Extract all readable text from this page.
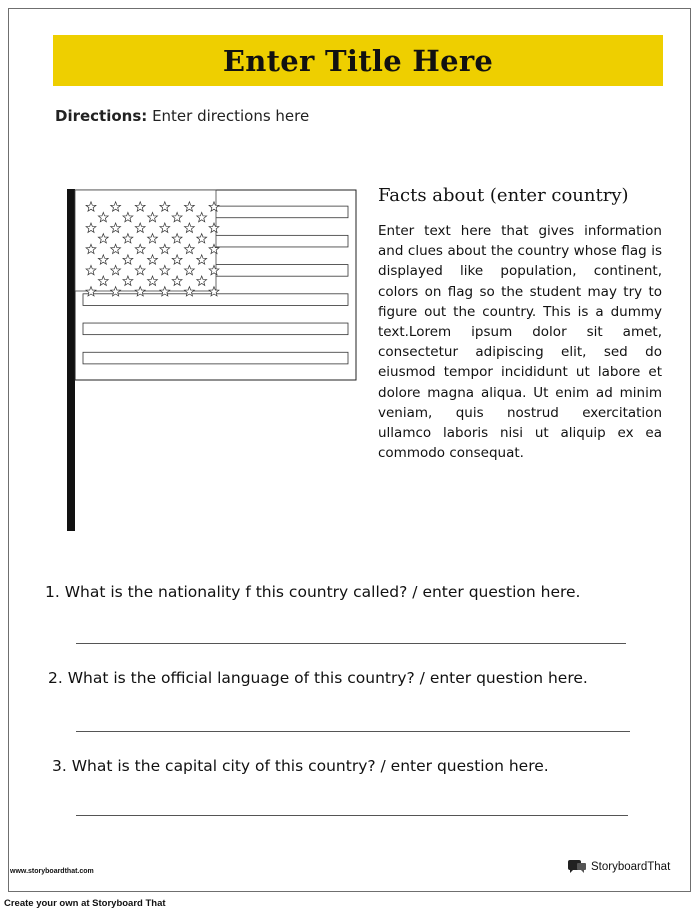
Enter Title Here
Directions: Enter directions here
Facts about (enter country)
Enter text here that gives information and clues about the country whose flag is displayed like population, continent, colors on flag so the student may try to figure out the country. This is a dummy text.Lorem ipsum dolor sit amet, consectetur adipiscing elit, sed do eiusmod tempor incididunt ut labore et dolore magna aliqua. Ut enim ad minim veniam, quis nostrud exercitation ullamco laboris nisi ut aliquip ex ea commodo consequat.
1. What is the nationality f this country called? / enter question here.
2. What is the official language of this country? / enter question here.
3. What is the capital city of this country? / enter question here.
www.storyboardthat.com	StoryboardThat
Create your own at Storyboard That
